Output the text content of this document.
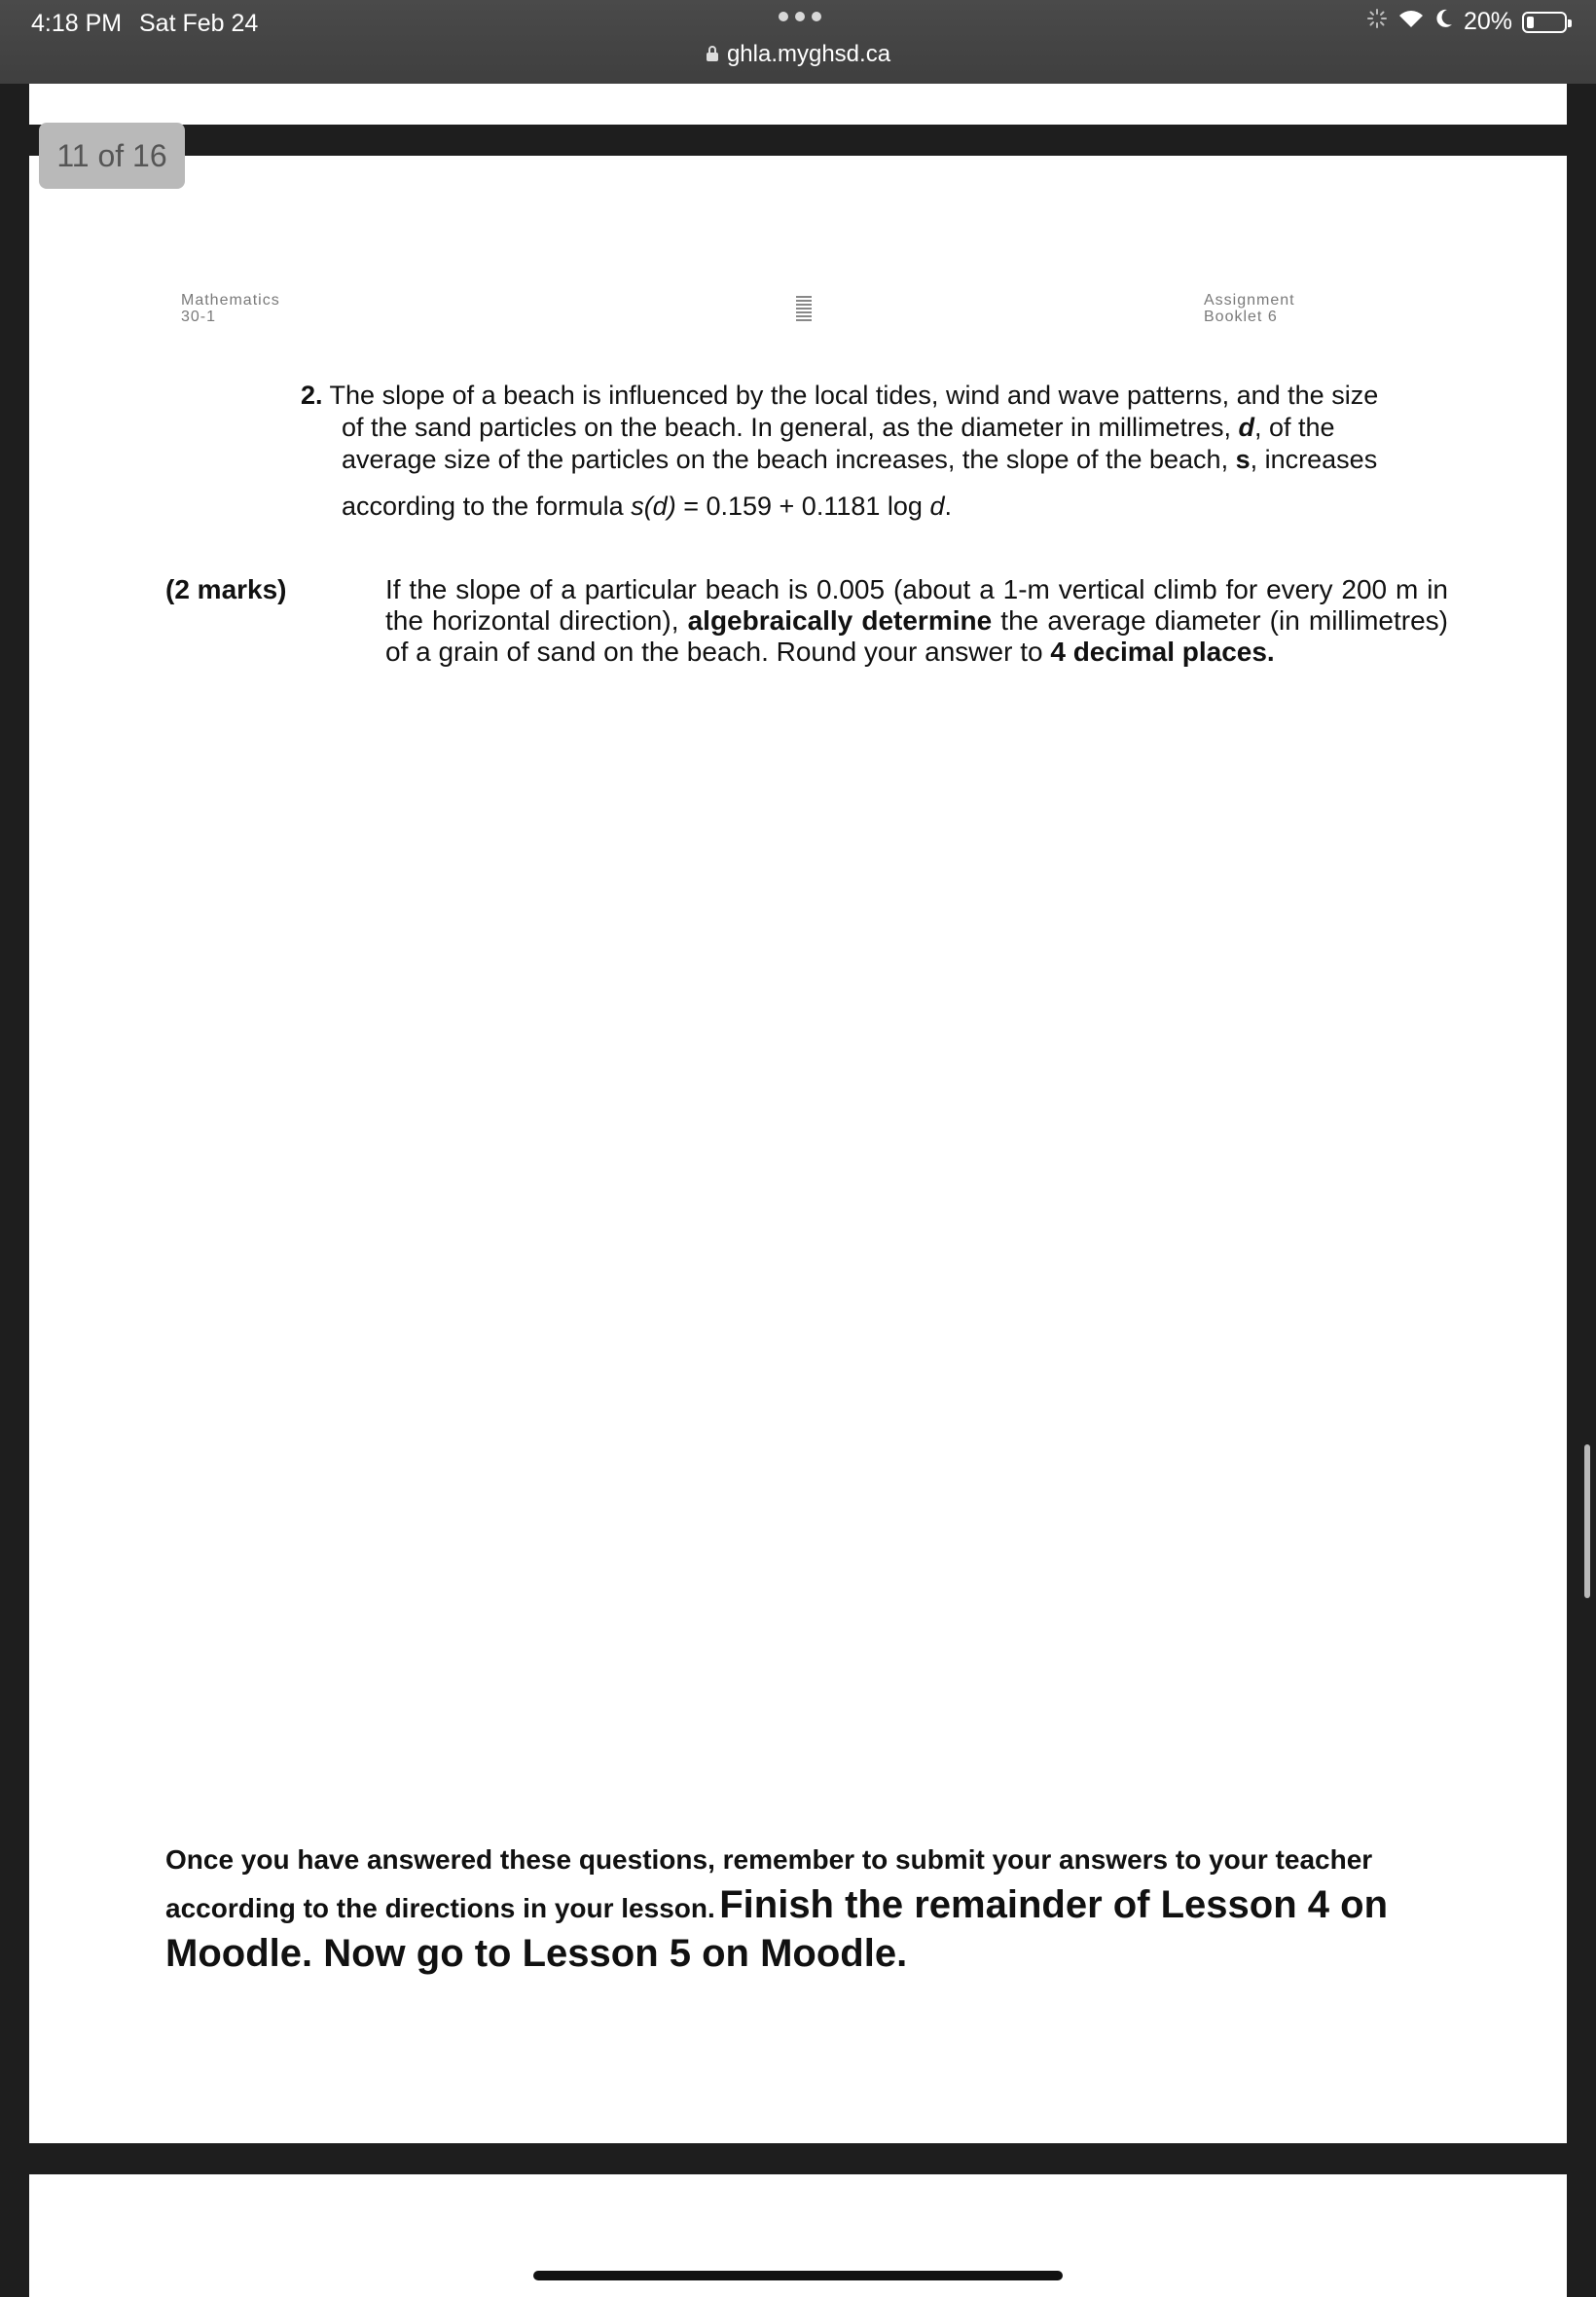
4:18 PM Sat Feb 24
ghla.myghsd.ca
20%
Mathematics
30-1
Assignment
Booklet 6
2. The slope of a beach is influenced by the local tides, wind and wave patterns, and the size
of the sand particles on the beach. In general, as the diameter in millimetres, d, of the
average size of the particles on the beach increases, the slope of the beach, s, increases
according to the formula s(d) = 0.159 + 0.1181 log d.
(2 marks)	If the slope of a particular beach is 0.005 (about a 1-m vertical climb for every 200 m in the horizontal direction), algebraically determine the average diameter (in millimetres) of a grain of sand on the beach. Round your answer to 4 decimal places.
Once you have answered these questions, remember to submit your answers to your teacher according to the directions in your lesson. Finish the remainder of Lesson 4 on Moodle. Now go to Lesson 5 on Moodle.
11 of 16
